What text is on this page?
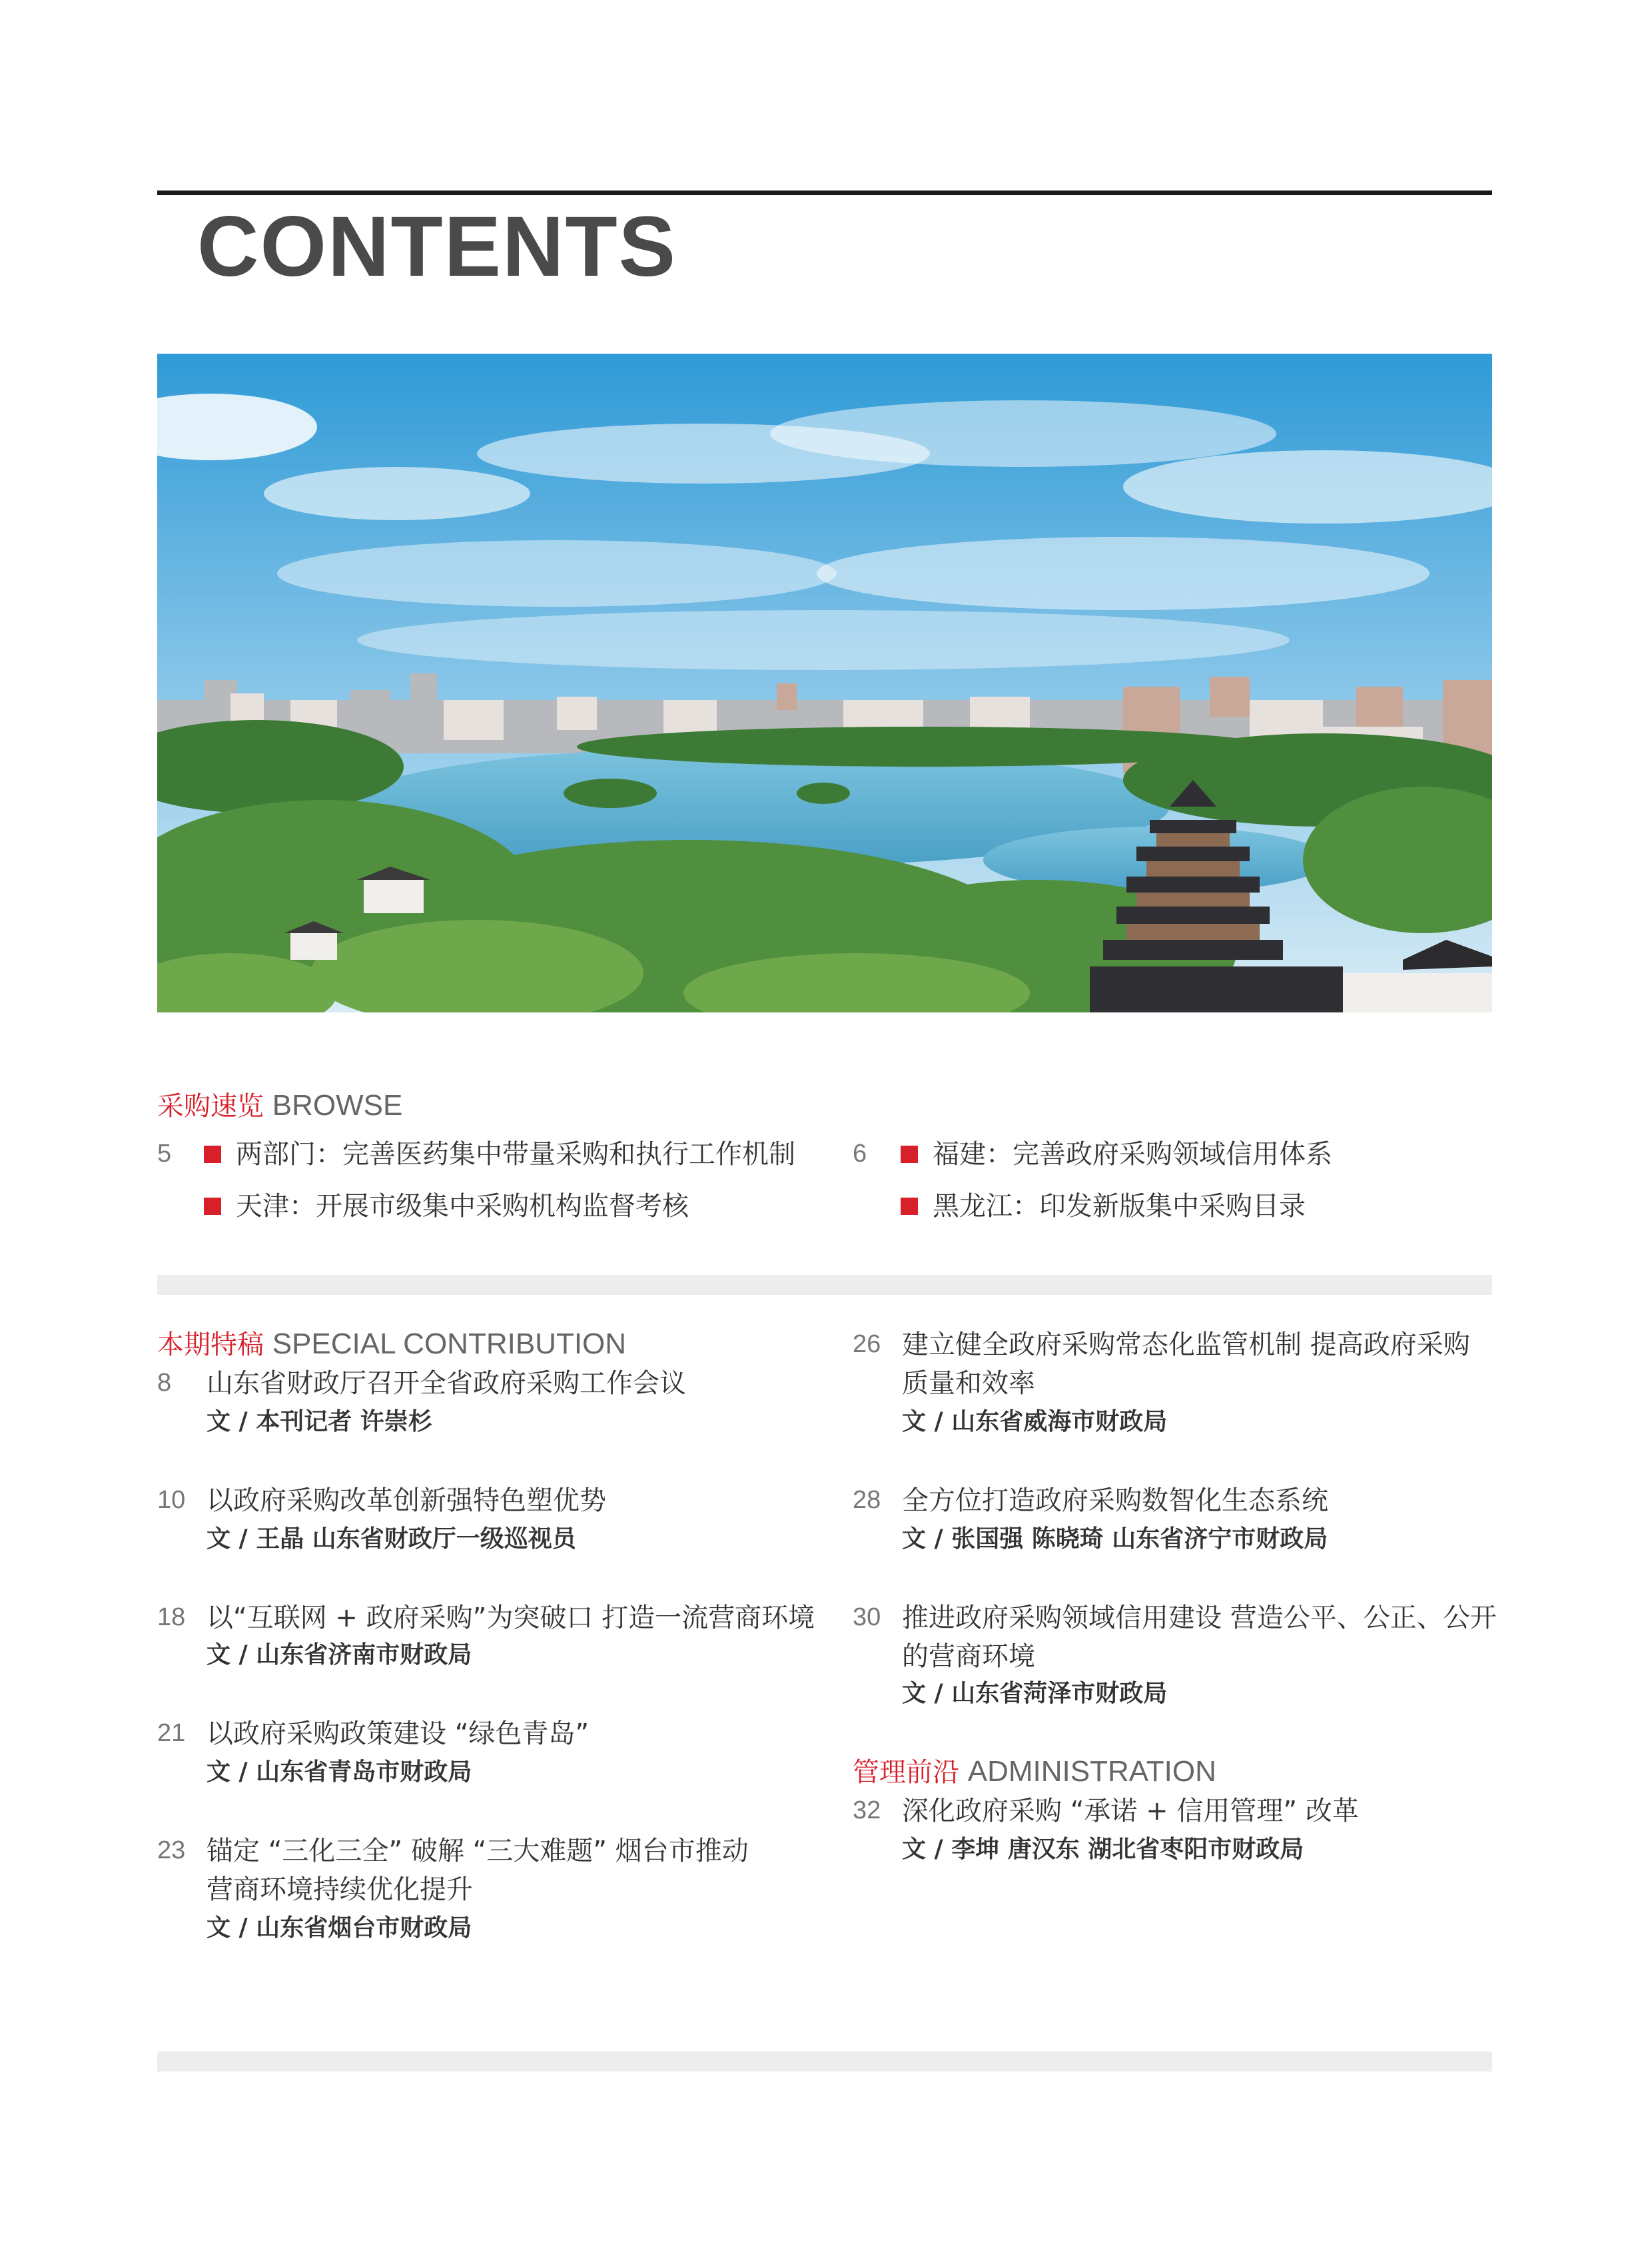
CONTENTS
采购速览 BROWSE
5 两部门：完善医药集中带量采购和执行工作机制
天津：开展市级集中采购机构监督考核
6 福建：完善政府采购领域信用体系
黑龙江：印发新版集中采购目录
本期特稿 SPECIAL CONTRIBUTION
8 山东省财政厅召开全省政府采购工作会议
文 / 本刊记者 许崇杉
10 以政府采购改革创新强特色塑优势
文 / 王晶 山东省财政厅一级巡视员
18 以“互联网 + 政府采购”为突破口 打造一流营商环境
文 / 山东省济南市财政局
21 以政府采购政策建设 “绿色青岛”
文 / 山东省青岛市财政局
23 锚定 “三化三全” 破解 “三大难题” 烟台市推动
营商环境持续优化提升
文 / 山东省烟台市财政局
26 建立健全政府采购常态化监管机制 提高政府采购
质量和效率
文 / 山东省威海市财政局
28 全方位打造政府采购数智化生态系统
文 / 张国强 陈晓琦 山东省济宁市财政局
30 推进政府采购领域信用建设 营造公平、公正、公开
的营商环境
文 / 山东省菏泽市财政局
管理前沿 ADMINISTRATION
32 深化政府采购 “承诺 + 信用管理” 改革
文 / 李坤 唐汉东 湖北省枣阳市财政局
